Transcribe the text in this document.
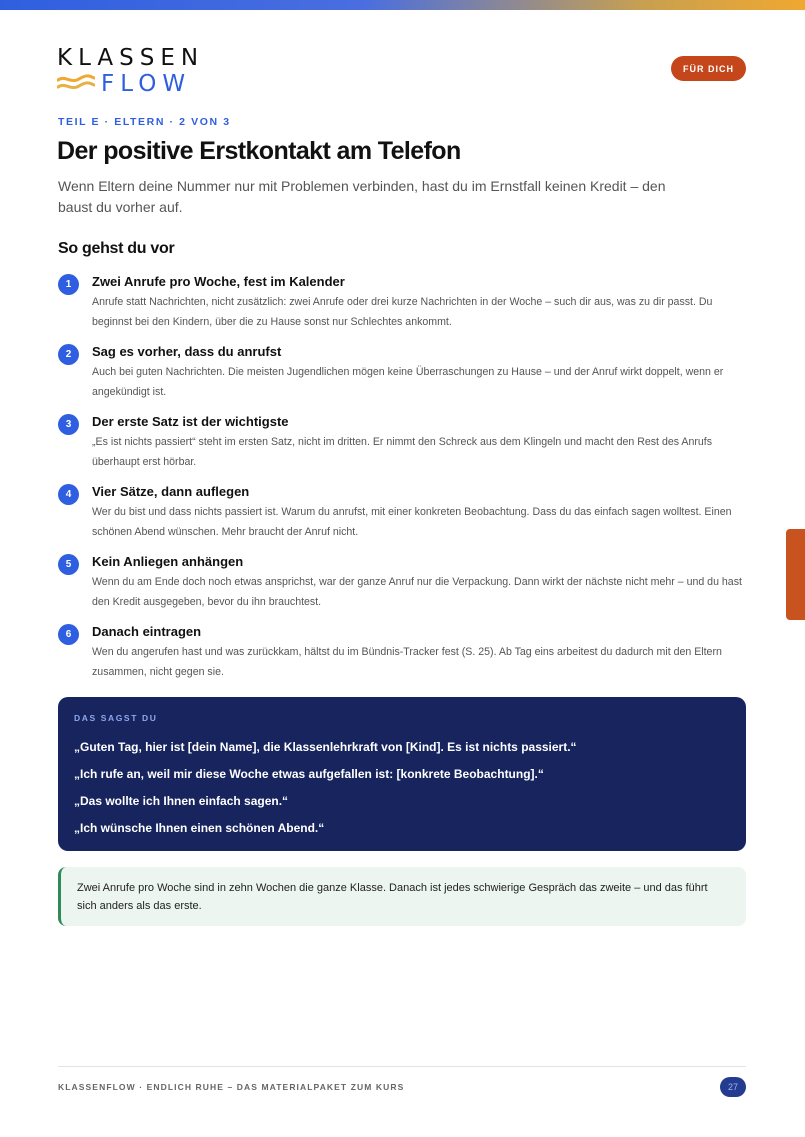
KLASSEN
FLOW
FÜR DICH
TEIL E · ELTERN · 2 VON 3
Der positive Erstkontakt am Telefon

Wenn Eltern deine Nummer nur mit Problemen verbinden, hast du im Ernstfall keinen Kredit – den baust du vorher auf.

So gehst du vor
1	Zwei Anrufe pro Woche, fest im Kalender
Anrufe statt Nachrichten, nicht zusätzlich: zwei Anrufe oder drei kurze Nachrichten in der Woche – such dir aus, was zu dir passt. Du beginnst bei den Kindern, über die zu Hause sonst nur Schlechtes ankommt.
2	Sag es vorher, dass du anrufst
Auch bei guten Nachrichten. Die meisten Jugendlichen mögen keine Überraschungen zu Hause – und der Anruf wirkt doppelt, wenn er angekündigt ist.
3	Der erste Satz ist der wichtigste
„Es ist nichts passiert“ steht im ersten Satz, nicht im dritten. Er nimmt den Schreck aus dem Klingeln und macht den Rest des Anrufs überhaupt erst hörbar.
4	Vier Sätze, dann auflegen
Wer du bist und dass nichts passiert ist. Warum du anrufst, mit einer konkreten Beobachtung. Dass du das einfach sagen wolltest. Einen schönen Abend wünschen. Mehr braucht der Anruf nicht.
5	Kein Anliegen anhängen
Wenn du am Ende doch noch etwas ansprichst, war der ganze Anruf nur die Verpackung. Dann wirkt der nächste nicht mehr – und du hast den Kredit ausgegeben, bevor du ihn brauchtest.
6	Danach eintragen
Wen du angerufen hast und was zurückkam, hältst du im Bündnis-Tracker fest (S. 25). Ab Tag eins arbeitest du dadurch mit den Eltern zusammen, nicht gegen sie.
DAS SAGST DU
„Guten Tag, hier ist [dein Name], die Klassenlehrkraft von [Kind]. Es ist nichts passiert.“
„Ich rufe an, weil mir diese Woche etwas aufgefallen ist: [konkrete Beobachtung].“
„Das wollte ich Ihnen einfach sagen.“
„Ich wünsche Ihnen einen schönen Abend.“
Zwei Anrufe pro Woche sind in zehn Wochen die ganze Klasse. Danach ist jedes schwierige Gespräch das zweite – und das führt sich anders als das erste.
KLASSENFLOW · ENDLICH RUHE – DAS MATERIALPAKET ZUM KURS	27
